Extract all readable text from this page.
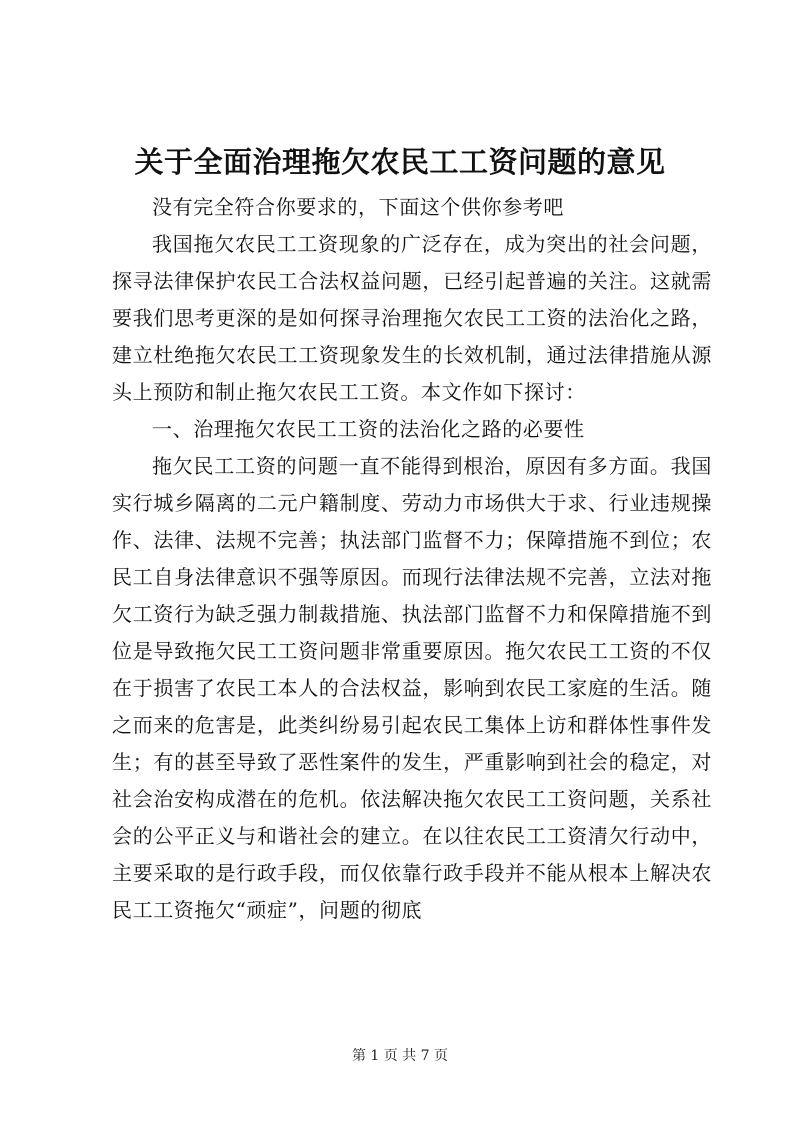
关于全面治理拖欠农民工工资问题的意见

没有完全符合你要求的，下面这个供你参考吧

我国拖欠农民工工资现象的广泛存在，成为突出的社会问题，探寻法律保护农民工合法权益问题，已经引起普遍的关注。这就需要我们思考更深的是如何探寻治理拖欠农民工工资的法治化之路，建立杜绝拖欠农民工工资现象发生的长效机制，通过法律措施从源头上预防和制止拖欠农民工工资。本文作如下探讨：

一、治理拖欠农民工工资的法治化之路的必要性

拖欠民工工资的问题一直不能得到根治，原因有多方面。我国实行城乡隔离的二元户籍制度、劳动力市场供大于求、行业违规操作、法律、法规不完善；执法部门监督不力；保障措施不到位；农民工自身法律意识不强等原因。而现行法律法规不完善，立法对拖欠工资行为缺乏强力制裁措施、执法部门监督不力和保障措施不到位是导致拖欠民工工资问题非常重要原因。拖欠农民工工资的不仅在于损害了农民工本人的合法权益，影响到农民工家庭的生活。随之而来的危害是，此类纠纷易引起农民工集体上访和群体性事件发生；有的甚至导致了恶性案件的发生，严重影响到社会的稳定，对社会治安构成潜在的危机。依法解决拖欠农民工工资问题，关系社会的公平正义与和谐社会的建立。在以往农民工工资清欠行动中，主要采取的是行政手段，而仅依靠行政手段并不能从根本上解决农民工工资拖欠“顽症”，问题的彻底

第 1 页 共 7 页
